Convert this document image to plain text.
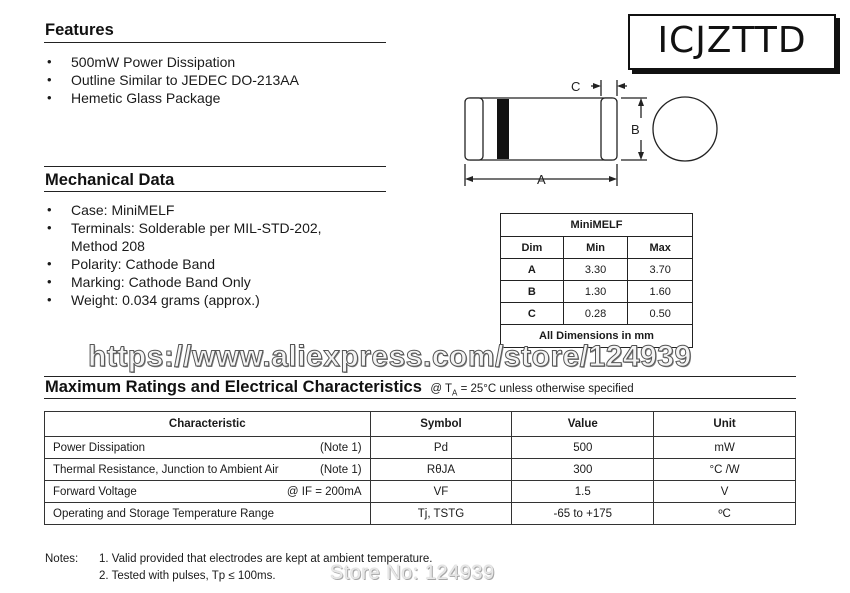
Features
• 500mW Power Dissipation
• Outline Similar to JEDEC DO-213AA
• Hemetic Glass Package
ICJZTTD
A
C
B
Mechanical Data
• Case: MiniMELF
• Terminals: Solderable per MIL-STD-202,
Method 208
• Polarity: Cathode Band
• Marking: Cathode Band Only
• Weight: 0.034 grams (approx.)
MiniMELF		
Dim	Min	Max
A	3.30	3.70
B	1.30	1.60
C	0.28	0.50
All Dimensions in mm		
https://www.aliexpress.com/store/124939
Maximum Ratings and Electrical Characteristics @ $T_A = 25^\circ C$ unless otherwise specified
Characteristic	Symbol	Value	Unit
Power Dissipation (Note 1)	Pd	500	mW
Thermal Resistance, Junction to Ambient Air (Note 1)	RθJA	300	°C /W
Forward Voltage @ IF = 200mA	VF	1.5	V
Operating and Storage Temperature Range	Tj, TSTG	-65 to +175	ºC
Notes: 1. Valid provided that electrodes are kept at ambient temperature.
2. Tested with pulses, Tp ≤ 100ms.	Store No: 124939
